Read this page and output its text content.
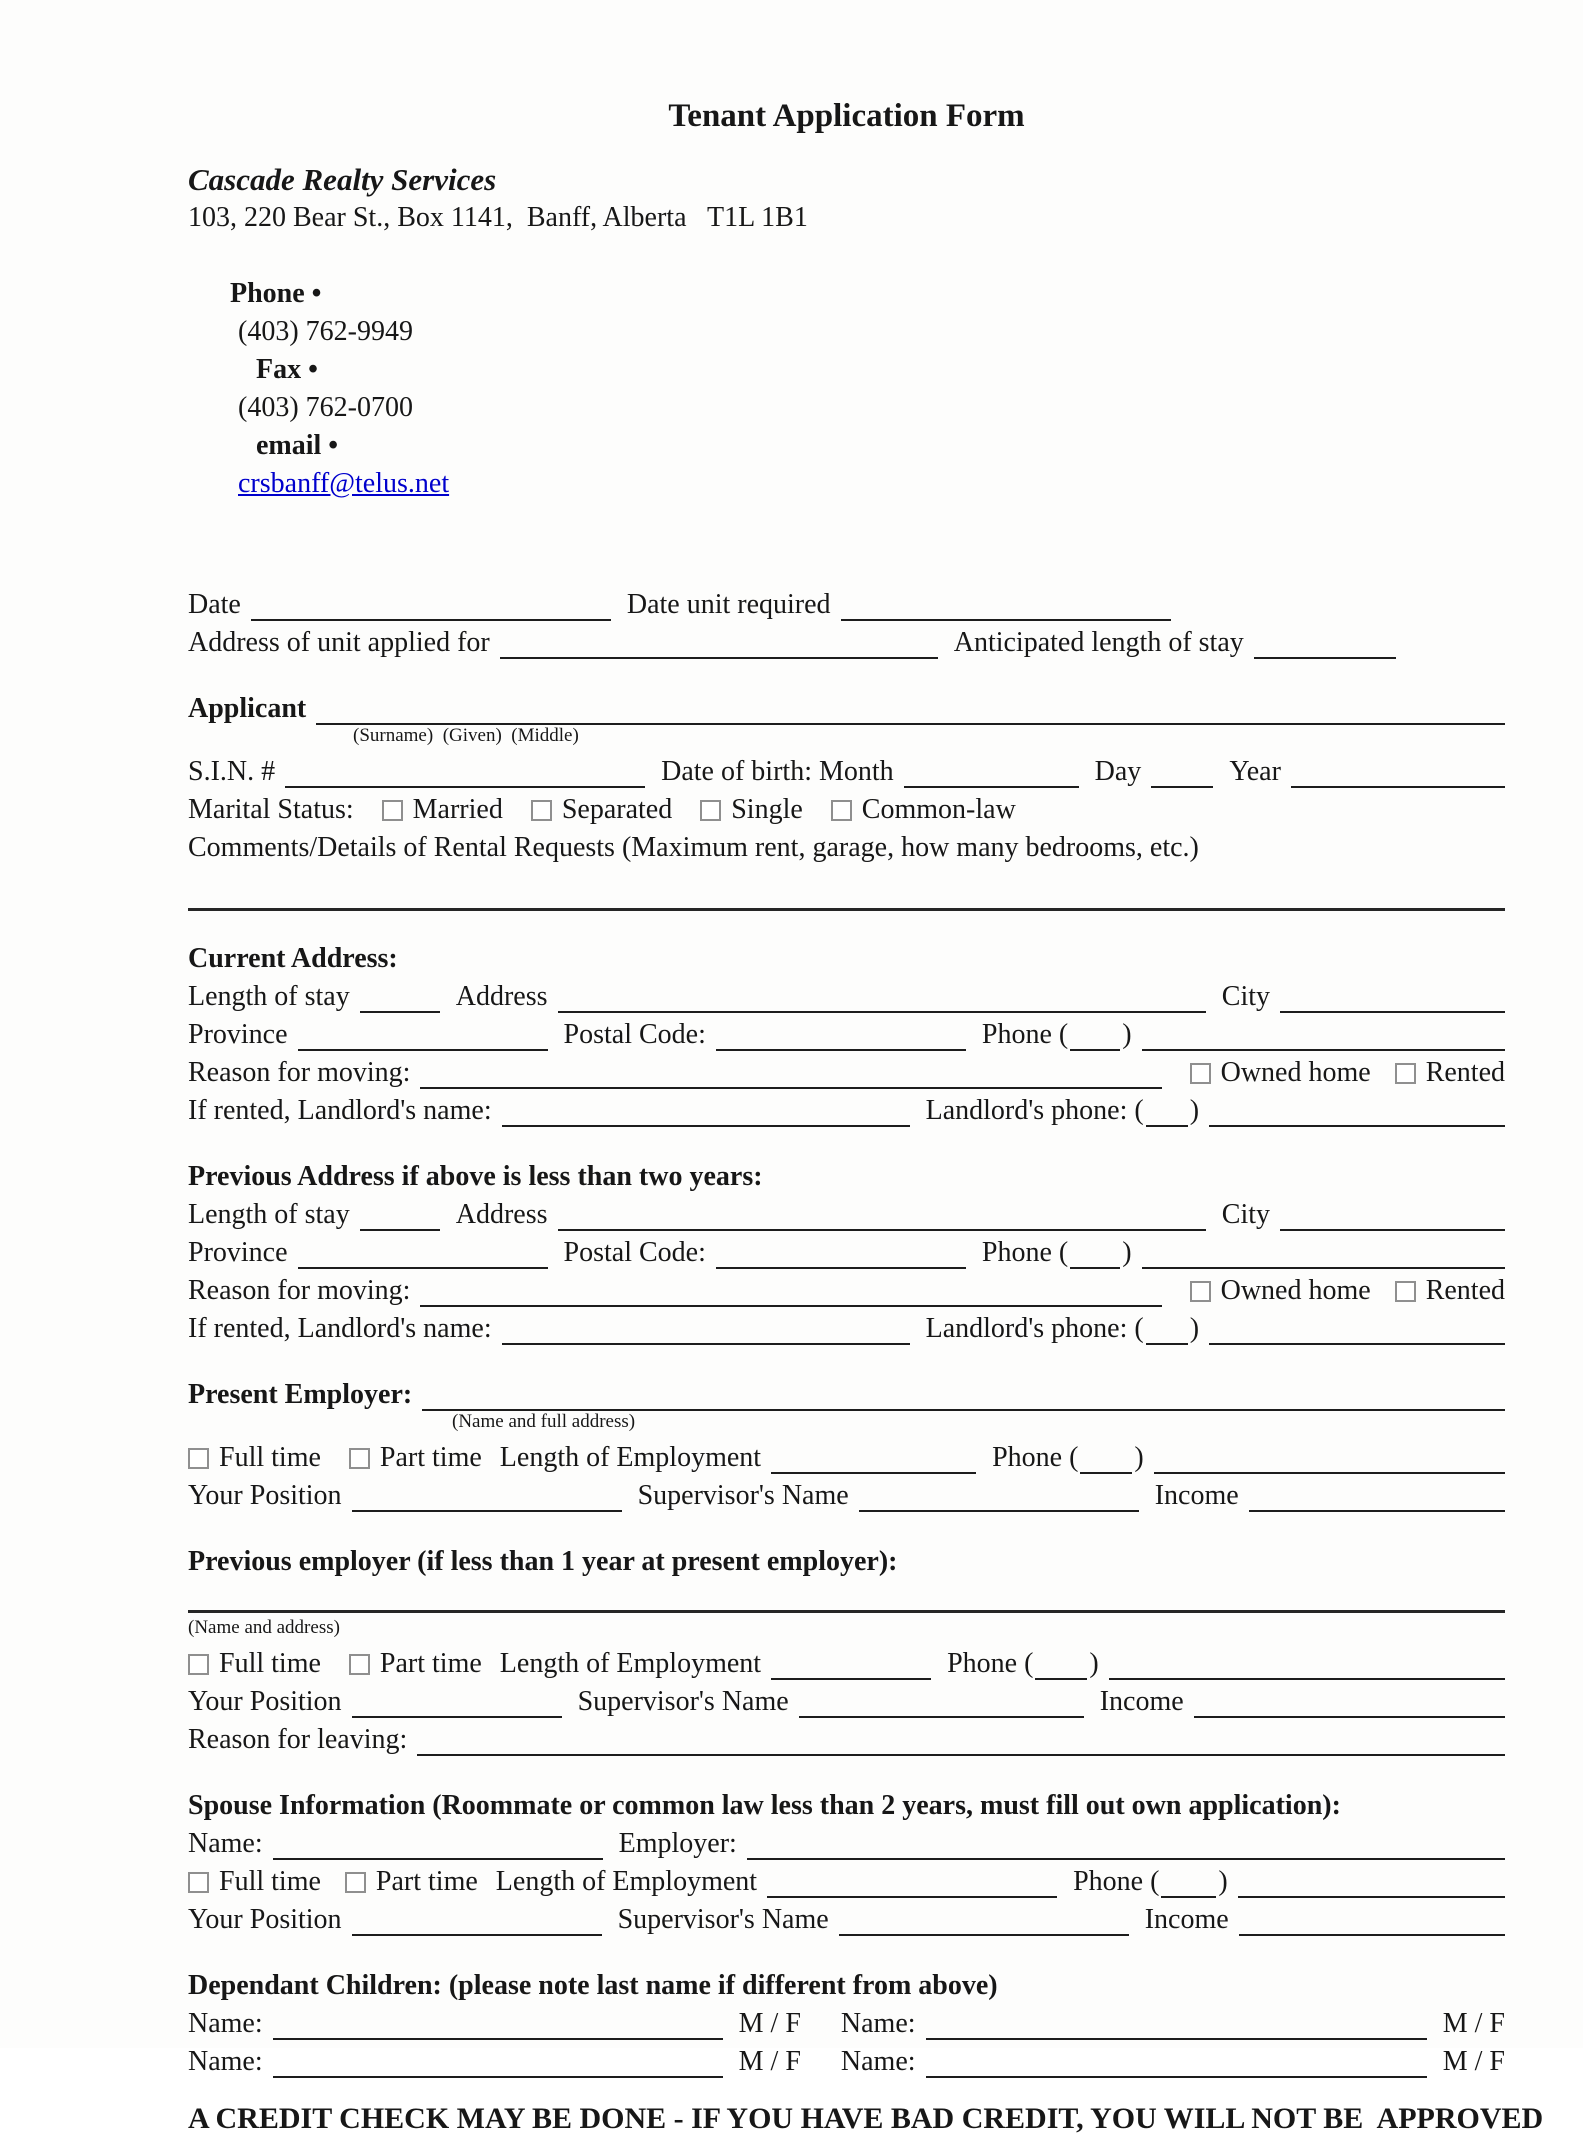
Tenant Application Form
Cascade Realty Services
103, 220 Bear St., Box 1141,  Banff, Alberta   T1L 1B1

Phone •
(403) 762-9949
Fax •
(403) 762-0700
email •
crsbanff@telus.net

Date	Date unit required
Address of unit applied for	Anticipated length of stay
Applicant
(Surname)  (Given)  (Middle)
S.I.N. #	Date of birth: Month	Day	Year
Marital Status: Married Separated Single Common-law
Comments/Details of Rental Requests (Maximum rent, garage, how many bedrooms, etc.)
Current Address:
Length of stay	Address	City
Province	Postal Code:	Phone ( )
Reason for moving:	Owned home Rented
If rented, Landlord's name:	Landlord's phone: ( )
Previous Address if above is less than two years:
Length of stay	Address	City
Province	Postal Code:	Phone ( )
Reason for moving:	Owned home Rented
If rented, Landlord's name:	Landlord's phone: ( )
Present Employer:
(Name and full address)
Full time Part time Length of Employment	Phone ( )
Your Position	Supervisor's Name	Income
Previous employer (if less than 1 year at present employer):
(Name and address)
Full time Part time Length of Employment	Phone ( )
Your Position	Supervisor's Name	Income
Reason for leaving:
Spouse Information (Roommate or common law less than 2 years, must fill out own application):
Name:	Employer:
Full time Part time Length of Employment	Phone ( )
Your Position	Supervisor's Name	Income
Dependant Children: (please note last name if different from above)
Name:	M / F Name:	M / F
Name:	M / F Name:	M / F
A CREDIT CHECK MAY BE DONE - IF YOU HAVE BAD CREDIT, YOU WILL NOT BE  APPROVED
